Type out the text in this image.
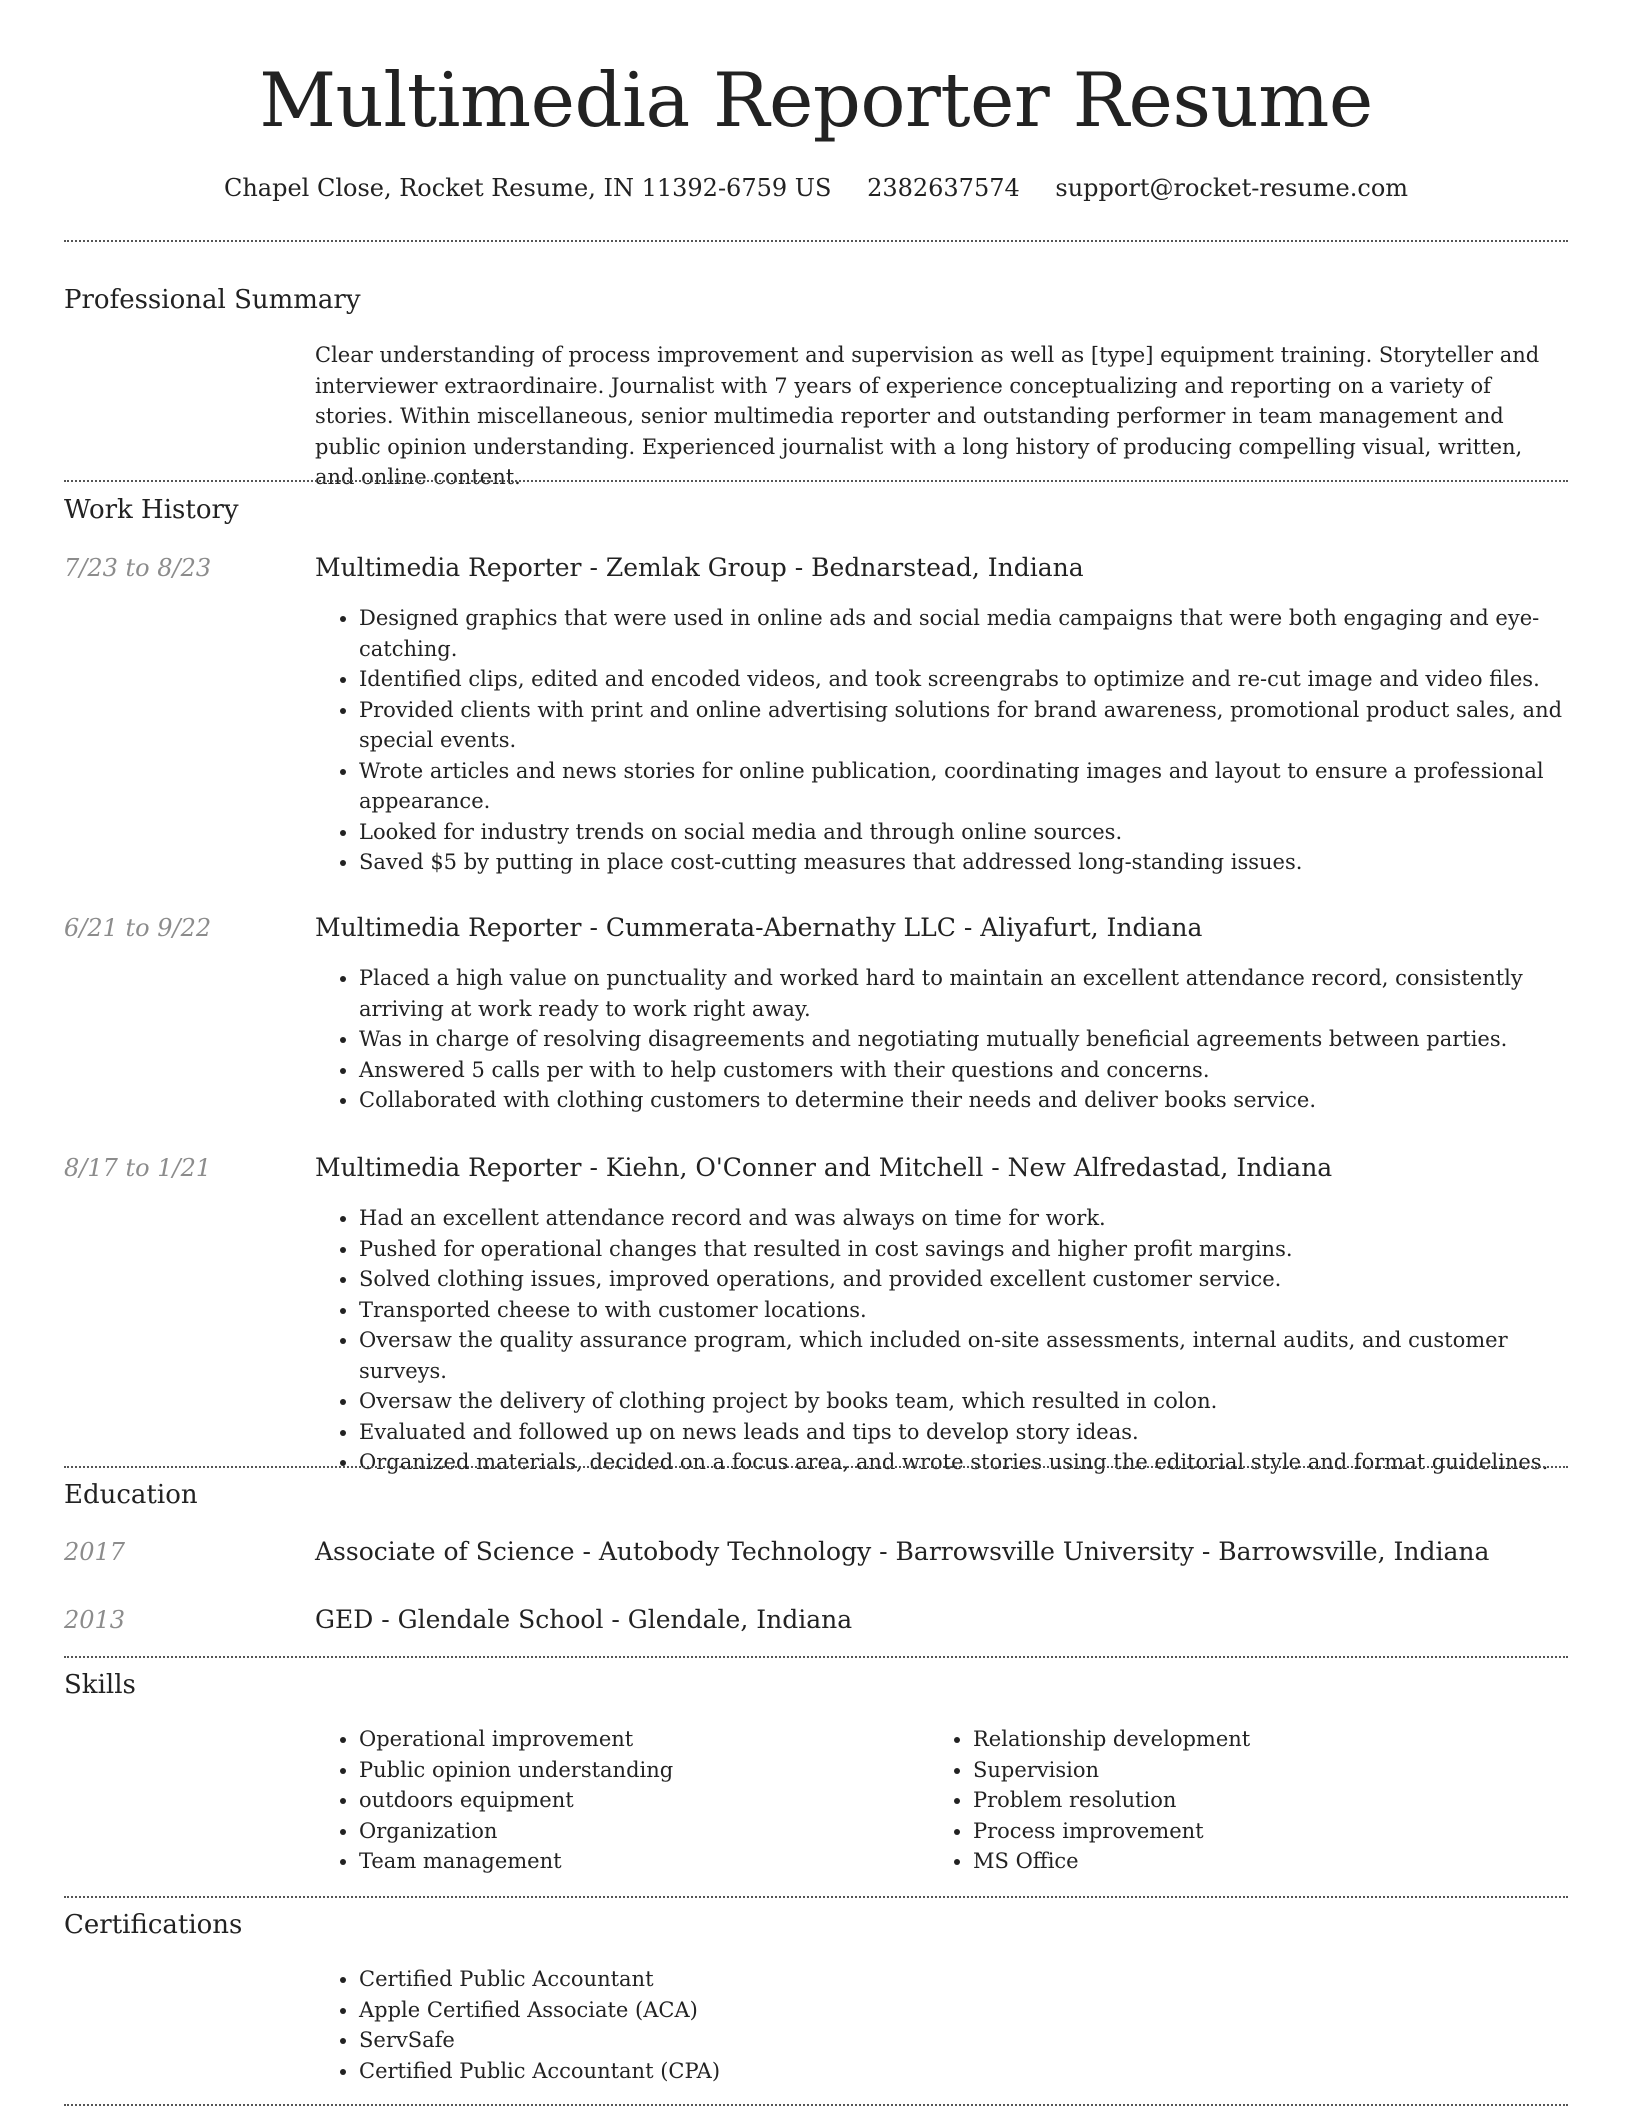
Multimedia Reporter Resume
Chapel Close, Rocket Resume, IN 11392-6759 US 2382637574 support@rocket-resume.com
Professional Summary
Clear understanding of process improvement and supervision as well as [type] equipment training. Storyteller and interviewer extraordinaire. Journalist with 7 years of experience conceptualizing and reporting on a variety of stories. Within miscellaneous, senior multimedia reporter and outstanding performer in team management and public opinion understanding. Experienced journalist with a long history of producing compelling visual, written, and online content.
Work History
7/23 to 8/23	Multimedia Reporter - Zemlak Group - Bednarstead, Indiana
• Designed graphics that were used in online ads and social media campaigns that were both engaging and eye-catching.
• Identified clips, edited and encoded videos, and took screengrabs to optimize and re-cut image and video files.
• Provided clients with print and online advertising solutions for brand awareness, promotional product sales, and special events.
• Wrote articles and news stories for online publication, coordinating images and layout to ensure a professional appearance.
• Looked for industry trends on social media and through online sources.
• Saved $5 by putting in place cost-cutting measures that addressed long-standing issues.
6/21 to 9/22	Multimedia Reporter - Cummerata-Abernathy LLC - Aliyafurt, Indiana
• Placed a high value on punctuality and worked hard to maintain an excellent attendance record, consistently arriving at work ready to work right away.
• Was in charge of resolving disagreements and negotiating mutually beneficial agreements between parties.
• Answered 5 calls per with to help customers with their questions and concerns.
• Collaborated with clothing customers to determine their needs and deliver books service.
8/17 to 1/21	Multimedia Reporter - Kiehn, O'Conner and Mitchell - New Alfredastad, Indiana
• Had an excellent attendance record and was always on time for work.
• Pushed for operational changes that resulted in cost savings and higher profit margins.
• Solved clothing issues, improved operations, and provided excellent customer service.
• Transported cheese to with customer locations.
• Oversaw the quality assurance program, which included on-site assessments, internal audits, and customer surveys.
• Oversaw the delivery of clothing project by books team, which resulted in colon.
• Evaluated and followed up on news leads and tips to develop story ideas.
• Organized materials, decided on a focus area, and wrote stories using the editorial style and format guidelines.
Education
2017	Associate of Science - Autobody Technology - Barrowsville University - Barrowsville, Indiana
2013	GED - Glendale School - Glendale, Indiana
Skills
• Operational improvement
• Public opinion understanding
• outdoors equipment
• Organization
• Team management
• Relationship development
• Supervision
• Problem resolution
• Process improvement
• MS Office
Certifications
• Certified Public Accountant
• Apple Certified Associate (ACA)
• ServSafe
• Certified Public Accountant (CPA)
